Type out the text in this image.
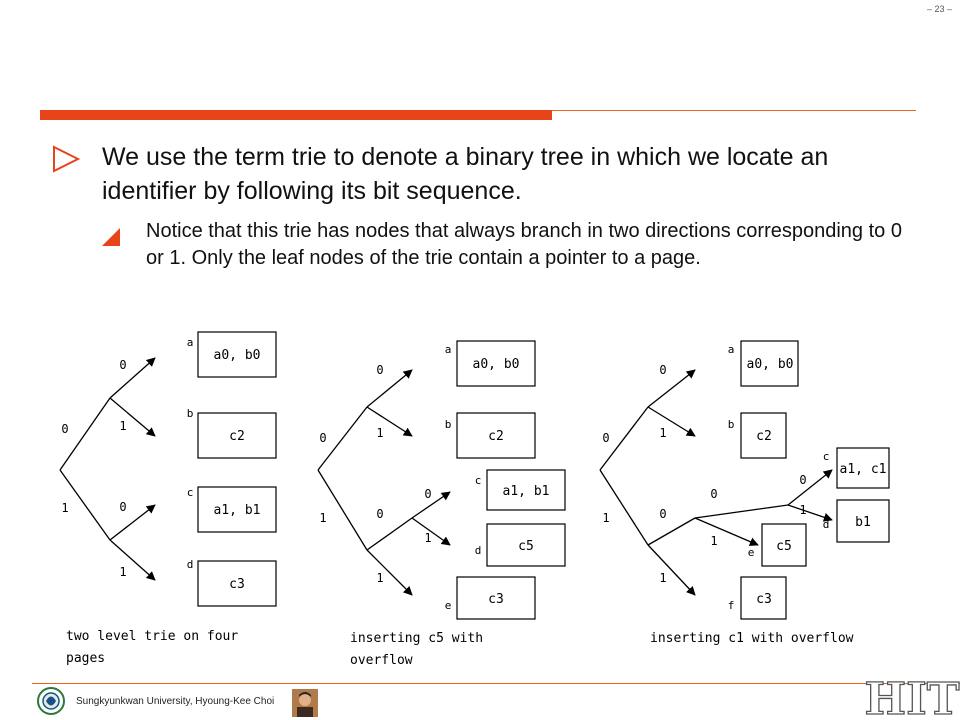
– 23 –
We use the term trie to denote a binary tree in which we locate an identifier by following its bit sequence.
Notice that this trie has nodes that always branch in two directions corresponding to 0 or 1. Only the leaf nodes of the trie contain a pointer to a page.
a0, b0
c2
a1, b1
c3
a0, b0
c2
a1, b1
c5
c3
a0, b0
c2
a1, c1
b1
c5
c3
a
b
c
d
a
b
c
d
e
a
b
c
d
e
f
0
1
0
1
0
1
0
1
0
1
0
1
0
1
0
1
0
1
0
1
0
1
0
1
two level trie on four
pages
inserting c5 with
overflow
inserting c1 with overflow
Sungkyunkwan University, Hyoung-Kee Choi	HIT
